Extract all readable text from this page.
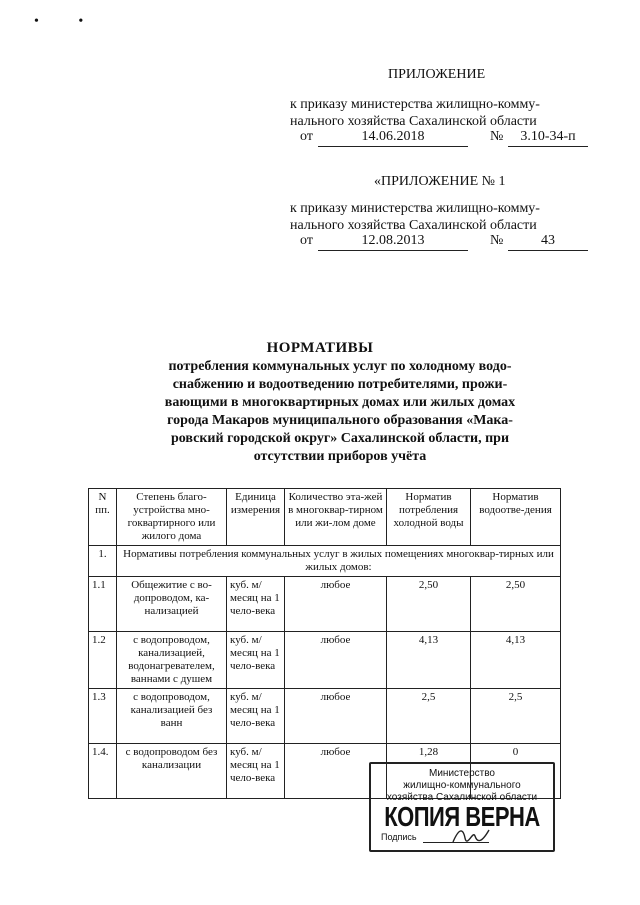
• •
ПРИЛОЖЕНИЕ
к приказу министерства жилищно-комму-
нального хозяйства Сахалинской области
от	14.06.2018	№	3.10-34-п
«ПРИЛОЖЕНИЕ № 1
к приказу министерства жилищно-комму-
нального хозяйства Сахалинской области
от	12.08.2013	№	43
НОРМАТИВЫ
потребления коммунальных услуг по холодному водо-
снабжению и водоотведению потребителями, прожи-
вающими в многоквартирных домах или жилых домах
города Макаров муниципального образования «Мака-
ровский городской округ» Сахалинской области, при
отсутствии приборов учёта
N пп.	Степень благо-устройства мно-гоквартирного или жилого дома	Единица измерения	Количество эта-жей в многоквар-тирном или жи-лом доме	Норматив потребления холодной воды	Норматив водоотве-дения
1.	Нормативы потребления коммунальных услуг в жилых помещениях многоквар-тирных или жилых домов:				
1.1	Общежитие с во-допроводом, ка-нализацией	куб. м/месяц на 1 чело-века	любое	2,50	2,50
1.2	с водопроводом, канализацией, водонагревателем, ваннами с душем	куб. м/месяц на 1 чело-века	любое	4,13	4,13
1.3	с водопроводом, канализацией без ванн	куб. м/месяц на 1 чело-века	любое	2,5	2,5
1.4.	с водопроводом без канализации	куб. м/месяц на 1 чело-века	любое	1,28	0
Министерство
жилищно-коммунального
хозяйства Сахалинской области
КОПИЯ ВЕРНА
Подпись
